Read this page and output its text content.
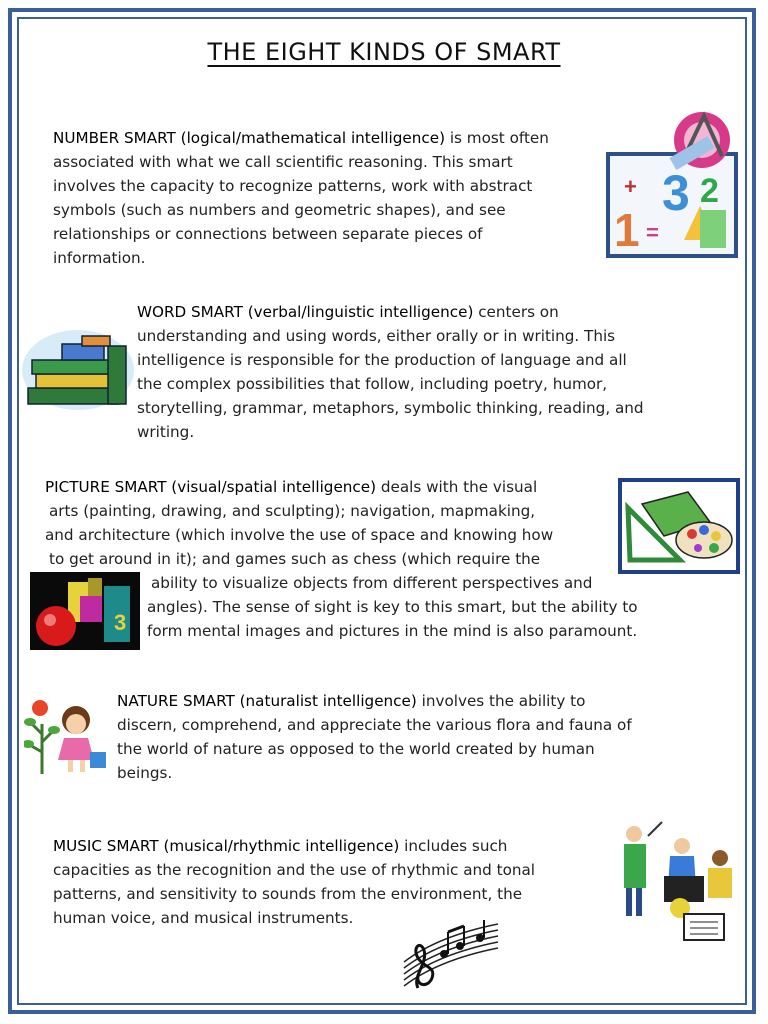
THE EIGHT KINDS OF SMART
NUMBER SMART (logical/mathematical intelligence) is most often
associated with what we call scientific reasoning. This smart
involves the capacity to recognize patterns, work with abstract
symbols (such as numbers and geometric shapes), and see
relationships or connections between separate pieces of
information.
3 2
1
+
=
WORD SMART (verbal/linguistic intelligence) centers on
understanding and using words, either orally or in writing. This
intelligence is responsible for the production of language and all
the complex possibilities that follow, including poetry, humor,
storytelling, grammar, metaphors, symbolic thinking, reading, and
writing.
PICTURE SMART (visual/spatial intelligence) deals with the visual
arts (painting, drawing, and sculpting); navigation, mapmaking,
and architecture (which involve the use of space and knowing how
to get around in it); and games such as chess (which require the
ability to visualize objects from different perspectives and
angles). The sense of sight is key to this smart, but the ability to
form mental images and pictures in the mind is also paramount.
3
NATURE SMART (naturalist intelligence) involves the ability to
discern, comprehend, and appreciate the various flora and fauna of
the world of nature as opposed to the world created by human
beings.
MUSIC SMART (musical/rhythmic intelligence) includes such
capacities as the recognition and the use of rhythmic and tonal
patterns, and sensitivity to sounds from the environment, the
human voice, and musical instruments.
